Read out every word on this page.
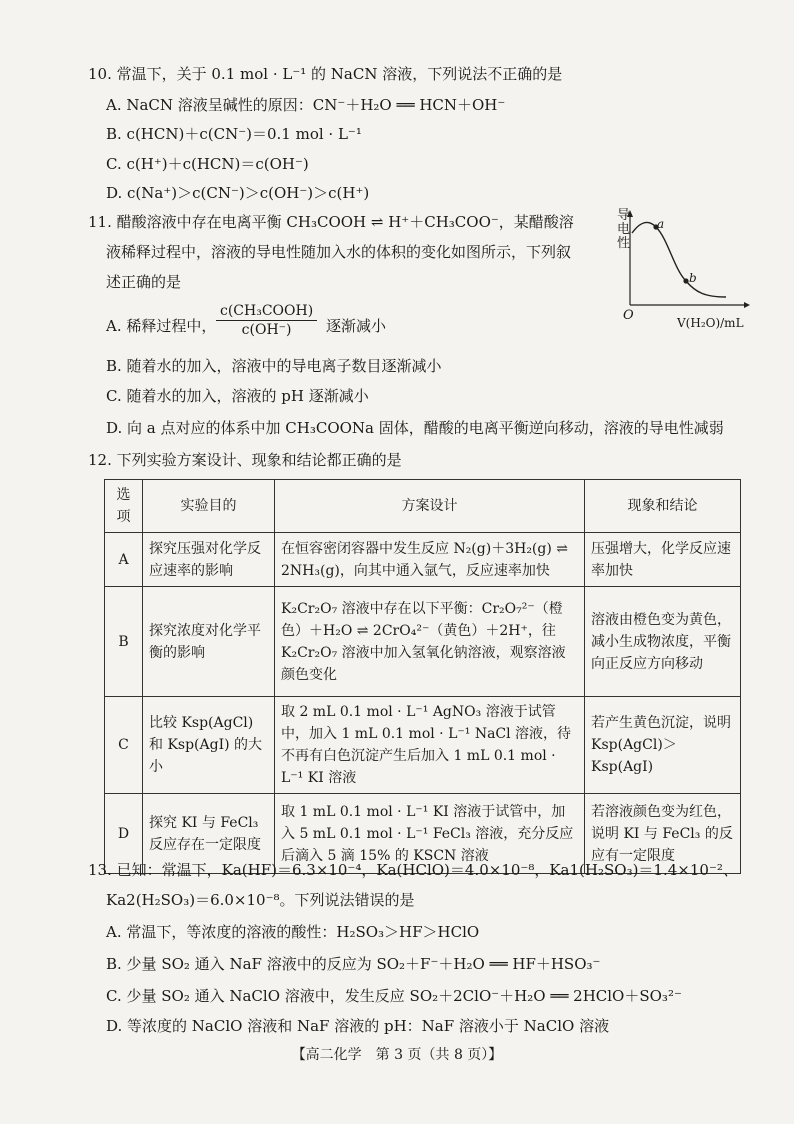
10. 常温下，关于 0.1 mol · L⁻¹ 的 NaCN 溶液，下列说法不正确的是
A. NaCN 溶液呈碱性的原因：CN⁻＋H₂O ══ HCN＋OH⁻
B. c(HCN)＋c(CN⁻)＝0.1 mol · L⁻¹
C. c(H⁺)＋c(HCN)＝c(OH⁻)
D. c(Na⁺)＞c(CN⁻)＞c(OH⁻)＞c(H⁺)
11. 醋酸溶液中存在电离平衡 CH₃COOH ⇌ H⁺＋CH₃COO⁻，某醋酸溶
液稀释过程中，溶液的导电性随加入水的体积的变化如图所示，下列叙
述正确的是
A. 稀释过程中，
c(CH₃COOH)
c(OH⁻)	逐渐减小
B. 随着水的加入，溶液中的导电离子数目逐渐减小
C. 随着水的加入，溶液的 pH 逐渐减小
D. 向 a 点对应的体系中加 CH₃COONa 固体，醋酸的电离平衡逆向移动，溶液的导电性减弱
导电性
a
b
O	V(H₂O)/mL
12. 下列实验方案设计、现象和结论都正确的是
选项	实验目的	方案设计	现象和结论
A	探究压强对化学反应速率的影响	在恒容密闭容器中发生反应 N₂(g)＋3H₂(g) ⇌ 2NH₃(g)，向其中通入氩气，反应速率加快	压强增大，化学反应速率加快
B	探究浓度对化学平衡的影响	K₂Cr₂O₇ 溶液中存在以下平衡：Cr₂O₇²⁻（橙色）＋H₂O ⇌ 2CrO₄²⁻（黄色）＋2H⁺，往 K₂Cr₂O₇ 溶液中加入氢氧化钠溶液，观察溶液颜色变化	溶液由橙色变为黄色，减小生成物浓度，平衡向正反应方向移动
C	比较 Ksp(AgCl) 和 Ksp(AgI) 的大小	取 2 mL 0.1 mol · L⁻¹ AgNO₃ 溶液于试管中，加入 1 mL 0.1 mol · L⁻¹ NaCl 溶液，待不再有白色沉淀产生后加入 1 mL 0.1 mol · L⁻¹ KI 溶液	若产生黄色沉淀，说明 Ksp(AgCl)＞Ksp(AgI)
D	探究 KI 与 FeCl₃ 反应存在一定限度	取 1 mL 0.1 mol · L⁻¹ KI 溶液于试管中，加入 5 mL 0.1 mol · L⁻¹ FeCl₃ 溶液，充分反应后滴入 5 滴 15% 的 KSCN 溶液	若溶液颜色变为红色，说明 KI 与 FeCl₃ 的反应有一定限度
13. 已知：常温下，Ka(HF)＝6.3×10⁻⁴，Ka(HClO)＝4.0×10⁻⁸，Ka1(H₂SO₃)＝1.4×10⁻²、
Ka2(H₂SO₃)＝6.0×10⁻⁸。下列说法错误的是
A. 常温下，等浓度的溶液的酸性：H₂SO₃＞HF＞HClO
B. 少量 SO₂ 通入 NaF 溶液中的反应为 SO₂＋F⁻＋H₂O ══ HF＋HSO₃⁻
C. 少量 SO₂ 通入 NaClO 溶液中，发生反应 SO₂＋2ClO⁻＋H₂O ══ 2HClO＋SO₃²⁻
D. 等浓度的 NaClO 溶液和 NaF 溶液的 pH：NaF 溶液小于 NaClO 溶液
【高二化学　第 3 页（共 8 页）】
